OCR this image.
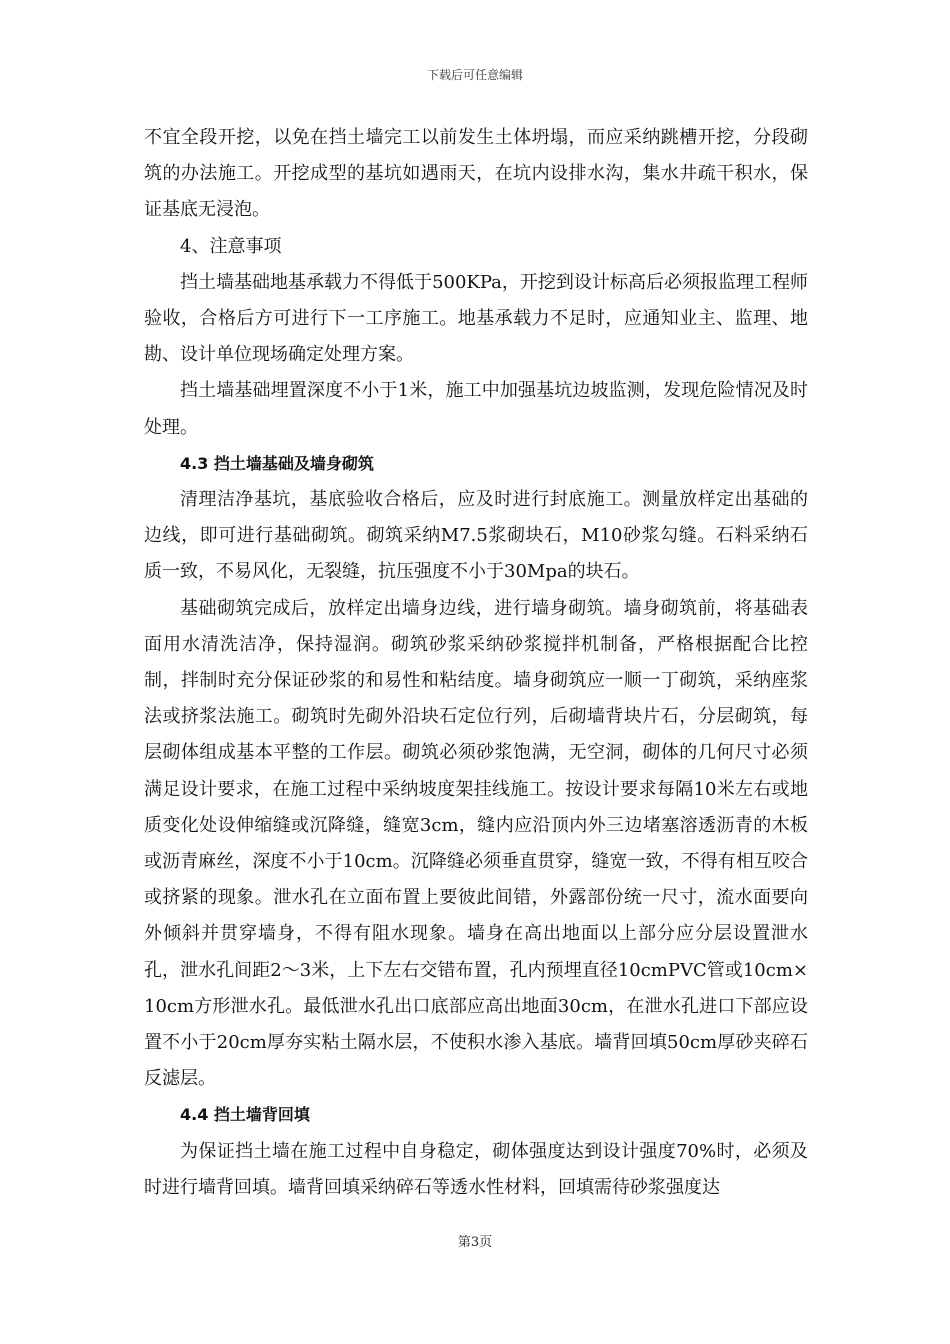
下载后可任意编辑

不宜全段开挖，以免在挡土墙完工以前发生土体坍塌，而应采纳跳槽开挖，分段砌筑的办法施工。开挖成型的基坑如遇雨天，在坑内设排水沟，集水井疏干积水，保证基底无浸泡。

4、注意事项

挡土墙基础地基承载力不得低于500KPa，开挖到设计标高后必须报监理工程师验收，合格后方可进行下一工序施工。地基承载力不足时，应通知业主、监理、地勘、设计单位现场确定处理方案。

挡土墙基础埋置深度不小于1米，施工中加强基坑边坡监测，发现危险情况及时处理。

4.3 挡土墙基础及墙身砌筑

清理洁净基坑，基底验收合格后，应及时进行封底施工。测量放样定出基础的边线，即可进行基础砌筑。砌筑采纳M7.5浆砌块石，M10砂浆勾缝。石料采纳石质一致，不易风化，无裂缝，抗压强度不小于30Mpa的块石。

基础砌筑完成后，放样定出墙身边线，进行墙身砌筑。墙身砌筑前，将基础表面用水清洗洁净，保持湿润。砌筑砂浆采纳砂浆搅拌机制备，严格根据配合比控制，拌制时充分保证砂浆的和易性和粘结度。墙身砌筑应一顺一丁砌筑，采纳座浆法或挤浆法施工。砌筑时先砌外沿块石定位行列，后砌墙背块片石，分层砌筑，每层砌体组成基本平整的工作层。砌筑必须砂浆饱满，无空洞，砌体的几何尺寸必须满足设计要求，在施工过程中采纳坡度架挂线施工。按设计要求每隔10米左右或地质变化处设伸缩缝或沉降缝，缝宽3cm，缝内应沿顶内外三边堵塞溶透沥青的木板或沥青麻丝，深度不小于10cm。沉降缝必须垂直贯穿，缝宽一致，不得有相互咬合或挤紧的现象。泄水孔在立面布置上要彼此间错，外露部份统一尺寸，流水面要向外倾斜并贯穿墙身，不得有阻水现象。墙身在高出地面以上部分应分层设置泄水孔，泄水孔间距2～3米，上下左右交错布置，孔内预埋直径10cmPVC管或10cm×10cm方形泄水孔。最低泄水孔出口底部应高出地面30cm，在泄水孔进口下部应设置不小于20cm厚夯实粘土隔水层，不使积水渗入基底。墙背回填50cm厚砂夹碎石反滤层。

4.4 挡土墙背回填

为保证挡土墙在施工过程中自身稳定，砌体强度达到设计强度70%时，必须及时进行墙背回填。墙背回填采纳碎石等透水性材料，回填需待砂浆强度达

第3页
